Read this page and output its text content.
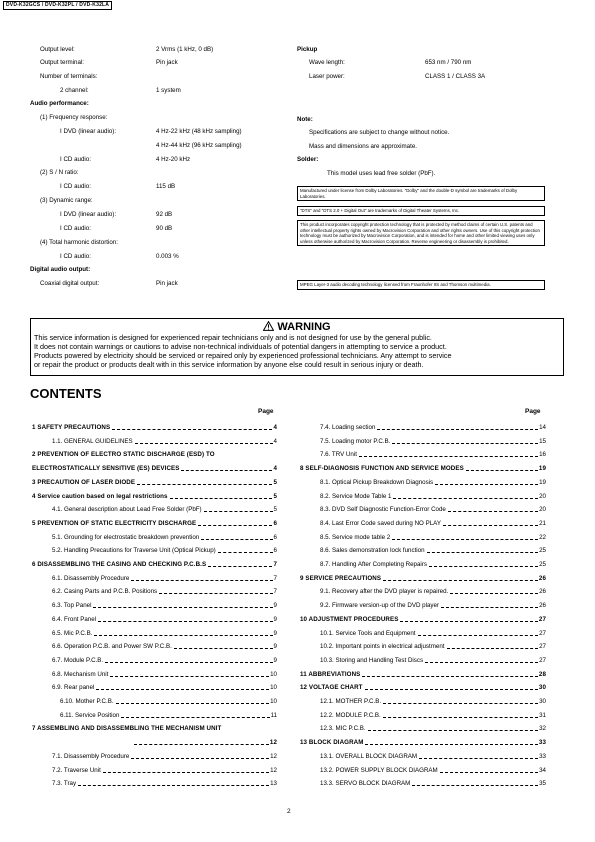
DVD-K32GCS / DVD-K32PL / DVD-K32LA
Output level:	2 Vrms (1 kHz, 0 dB)
Output terminal:	Pin jack
Number of terminals:
2 channel:	1 system
Audio performance:
(1) Frequency response:
I DVD (linear audio):	4 Hz-22 kHz (48 kHz sampling)
4 Hz-44 kHz (96 kHz sampling)
I CD audio:	4 Hz-20 kHz
(2) S / N ratio:
I CD audio:	115 dB
(3) Dynamic range:
I DVD (linear audio):	92 dB
I CD audio:	90 dB
(4) Total harmonic distortion:
I CD audio:	0.003 %
Digital audio output:
Coaxial digital output:	Pin jack
Pickup
Wave length:	653 nm / 790 nm
Laser power:	CLASS 1 / CLASS 3A
Note:
Specifications are subject to change without notice.
Mass and dimensions are approximate.
Solder:
This model uses lead free solder (PbF).
Manufactured under license from Dolby Laboratories. "Dolby" and the double-D symbol are trademarks of Dolby Laboratories.
"DTS" and "DTS 2.0 + Digital Out" are trademarks of Digital Theater Systems, Inc.
This product incorporates copyright protection technology that is protected by method claims of certain U.S. patents and other intellectual property rights owned by Macrovision Corporation and other rights owners. Use of this copyright protection technology must be authorized by Macrovision Corporation, and is intended for home and other limited viewing uses only unless otherwise authorized by Macrovision Corporation. Reverse engineering or disassembly is prohibited.
MPEG Layer-3 audio decoding technology licensed from Fraunhofer IIS and Thomson multimedia.
WARNING
This service information is designed for experienced repair technicians only and is not designed for use by the general public.
It does not contain warnings or cautions to advise non-technical individuals of potential dangers in attempting to service a product.
Products powered by electricity should be serviced or repaired only by experienced professional technicians. Any attempt to service
or repair the product or products dealt with in this service information by anyone else could result in serious injury or death.
CONTENTS
Page	Page
1 SAFETY PRECAUTIONS	4
1.1. GENERAL GUIDELINES	4
2 PREVENTION OF ELECTRO STATIC DISCHARGE (ESD) TO
ELECTROSTATICALLY SENSITIVE (ES) DEVICES	4
3 PRECAUTION OF LASER DIODE	5
4 Service caution based on legal restrictions	5
4.1. General description about Lead Free Solder (PbF)	5
5 PREVENTION OF STATIC ELECTRICITY DISCHARGE	6
5.1. Grounding for electrostatic breakdown prevention	6
5.2. Handling Precautions for Traverse Unit (Optical Pickup)	6
6 DISASSEMBLING THE CASING AND CHECKING P.C.B.S	7
6.1. Disassembly Procedure	7
6.2. Casing Parts and P.C.B. Positions	7
6.3. Top Panel	9
6.4. Front Panel	9
6.5. Mic P.C.B.	9
6.6. Operation P.C.B. and Power SW P.C.B.	9
6.7. Module P.C.B.	9
6.8. Mechanism Unit	10
6.9. Rear panel	10
6.10. Mother P.C.B.	10
6.11. Service Position	11
7 ASSEMBLING AND DISASSEMBLING THE MECHANISM UNIT
12
7.1. Disassembly Procedure	12
7.2. Traverse Unit	12
7.3. Tray	13
7.4. Loading section	14
7.5. Loading motor P.C.B.	15
7.6. TRV Unit	16
8 SELF-DIAGNOSIS FUNCTION AND SERVICE MODES	19
8.1. Optical Pickup Breakdown Diagnosis	19
8.2. Service Mode Table 1	20
8.3. DVD Self Diagnostic Function-Error Code	20
8.4. Last Error Code saved during NO PLAY	21
8.5. Service mode table 2	22
8.6. Sales demonstration lock function	25
8.7. Handling After Completing Repairs	25
9 SERVICE PRECAUTIONS	26
9.1. Recovery after the DVD player is repaired.	26
9.2. Firmware version-up of the DVD player	26
10 ADJUSTMENT PROCEDURES	27
10.1. Service Tools and Equipment	27
10.2. Important points in electrical adjustment	27
10.3. Storing and Handling Test Discs	27
11 ABBREVIATIONS	28
12 VOLTAGE CHART	30
12.1. MOTHER P.C.B.	30
12.2. MODULE P.C.B.	31
12.3. MIC P.C.B.	32
13 BLOCK DIAGRAM	33
13.1. OVERALL BLOCK DIAGRAM	33
13.2. POWER SUPPLY BLOCK DIAGRAM	34
13.3. SERVO BLOCK DIAGRAM	35
2
